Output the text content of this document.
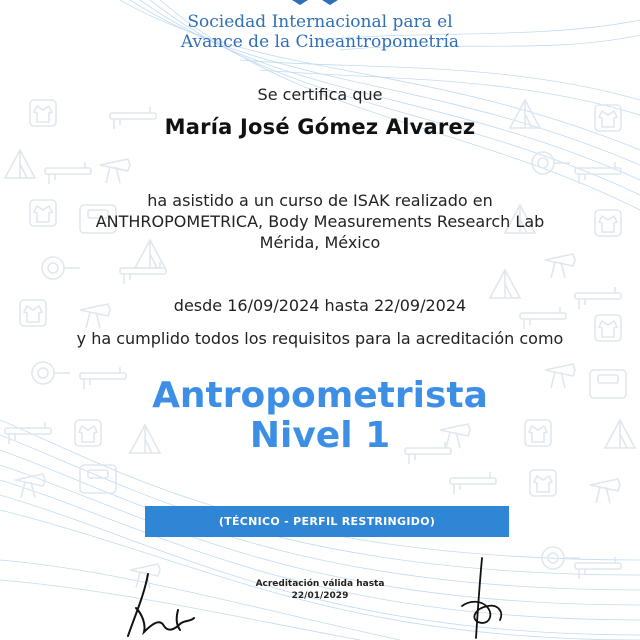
Sociedad Internacional para el
Avance de la Cineantropometría
Se certifica que
María José Gómez Alvarez
ha asistido a un curso de ISAK realizado en
ANTHROPOMETRICA, Body Measurements Research Lab
Mérida, México
desde 16/09/2024 hasta 22/09/2024
y ha cumplido todos los requisitos para la acreditación como
Antropometrista
Nivel 1
(TÉCNICO - PERFIL RESTRINGIDO)
Acreditación válida hasta
22/01/2029
